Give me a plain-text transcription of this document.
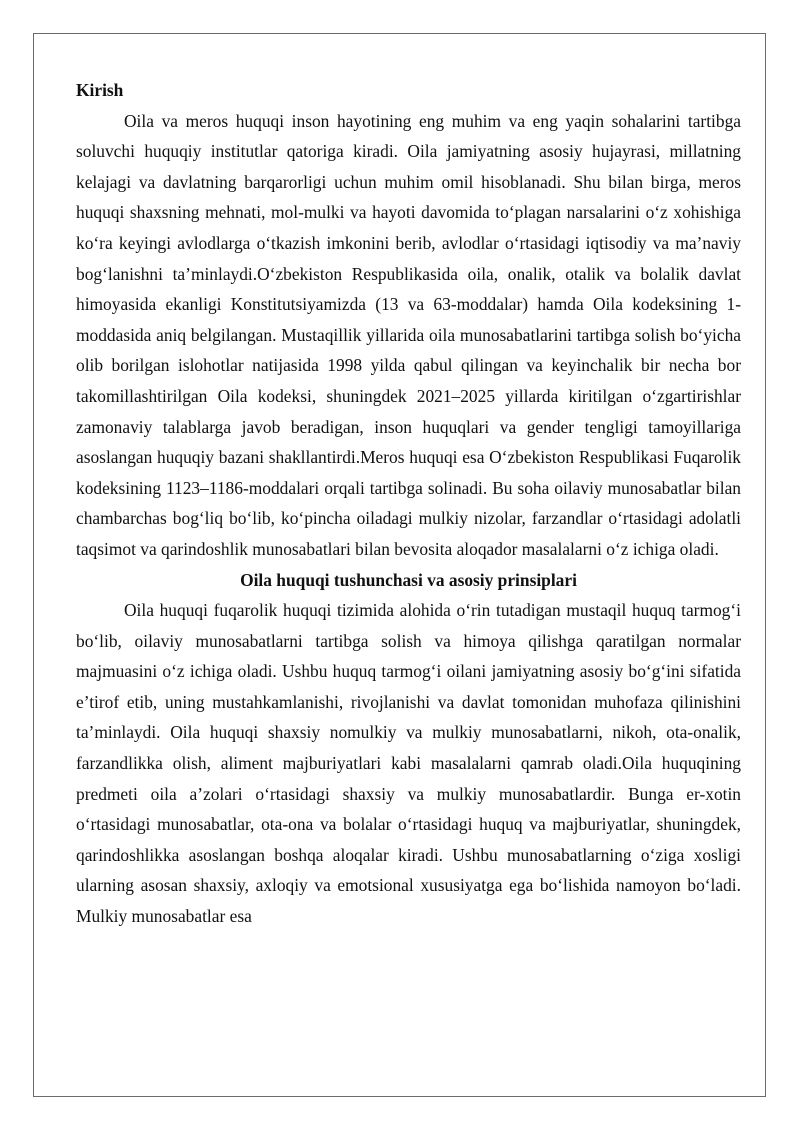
Kirish

Oila va meros huquqi inson hayotining eng muhim va eng yaqin sohalarini tartibga soluvchi huquqiy institutlar qatoriga kiradi. Oila jamiyatning asosiy hujayrasi, millatning kelajagi va davlatning barqarorligi uchun muhim omil hisoblanadi. Shu bilan birga, meros huquqi shaxsning mehnati, mol-mulki va hayoti davomida to‘plagan narsalarini o‘z xohishiga ko‘ra keyingi avlodlarga o‘tkazish imkonini berib, avlodlar o‘rtasidagi iqtisodiy va ma’naviy bog‘lanishni ta’minlaydi.O‘zbekiston Respublikasida oila, onalik, otalik va bolalik davlat himoyasida ekanligi Konstitutsiyamizda (13 va 63-moddalar) hamda Oila kodeksining 1-moddasida aniq belgilangan. Mustaqillik yillarida oila munosabatlarini tartibga solish bo‘yicha olib borilgan islohotlar natijasida 1998 yilda qabul qilingan va keyinchalik bir necha bor takomillashtirilgan Oila kodeksi, shuningdek 2021–2025 yillarda kiritilgan o‘zgartirishlar zamonaviy talablarga javob beradigan, inson huquqlari va gender tengligi tamoyillariga asoslangan huquqiy bazani shakllantirdi.Meros huquqi esa O‘zbekiston Respublikasi Fuqarolik kodeksining 1123–1186-moddalari orqali tartibga solinadi. Bu soha oilaviy munosabatlar bilan chambarchas bog‘liq bo‘lib, ko‘pincha oiladagi mulkiy nizolar, farzandlar o‘rtasidagi adolatli taqsimot va qarindoshlik munosabatlari bilan bevosita aloqador masalalarni o‘z ichiga oladi.

Oila huquqi tushunchasi va asosiy prinsiplari

Oila huquqi fuqarolik huquqi tizimida alohida o‘rin tutadigan mustaqil huquq tarmog‘i bo‘lib, oilaviy munosabatlarni tartibga solish va himoya qilishga qaratilgan normalar majmuasini o‘z ichiga oladi. Ushbu huquq tarmog‘i oilani jamiyatning asosiy bo‘g‘ini sifatida e’tirof etib, uning mustahkamlanishi, rivojlanishi va davlat tomonidan muhofaza qilinishini ta’minlaydi. Oila huquqi shaxsiy nomulkiy va mulkiy munosabatlarni, nikoh, ota-onalik, farzandlikka olish, aliment majburiyatlari kabi masalalarni qamrab oladi.Oila huquqining predmeti oila a’zolari o‘rtasidagi shaxsiy va mulkiy munosabatlardir. Bunga er-xotin o‘rtasidagi munosabatlar, ota-ona va bolalar o‘rtasidagi huquq va majburiyatlar, shuningdek, qarindoshlikka asoslangan boshqa aloqalar kiradi. Ushbu munosabatlarning o‘ziga xosligi ularning asosan shaxsiy, axloqiy va emotsional xususiyatga ega bo‘lishida namoyon bo‘ladi. Mulkiy munosabatlar esa
